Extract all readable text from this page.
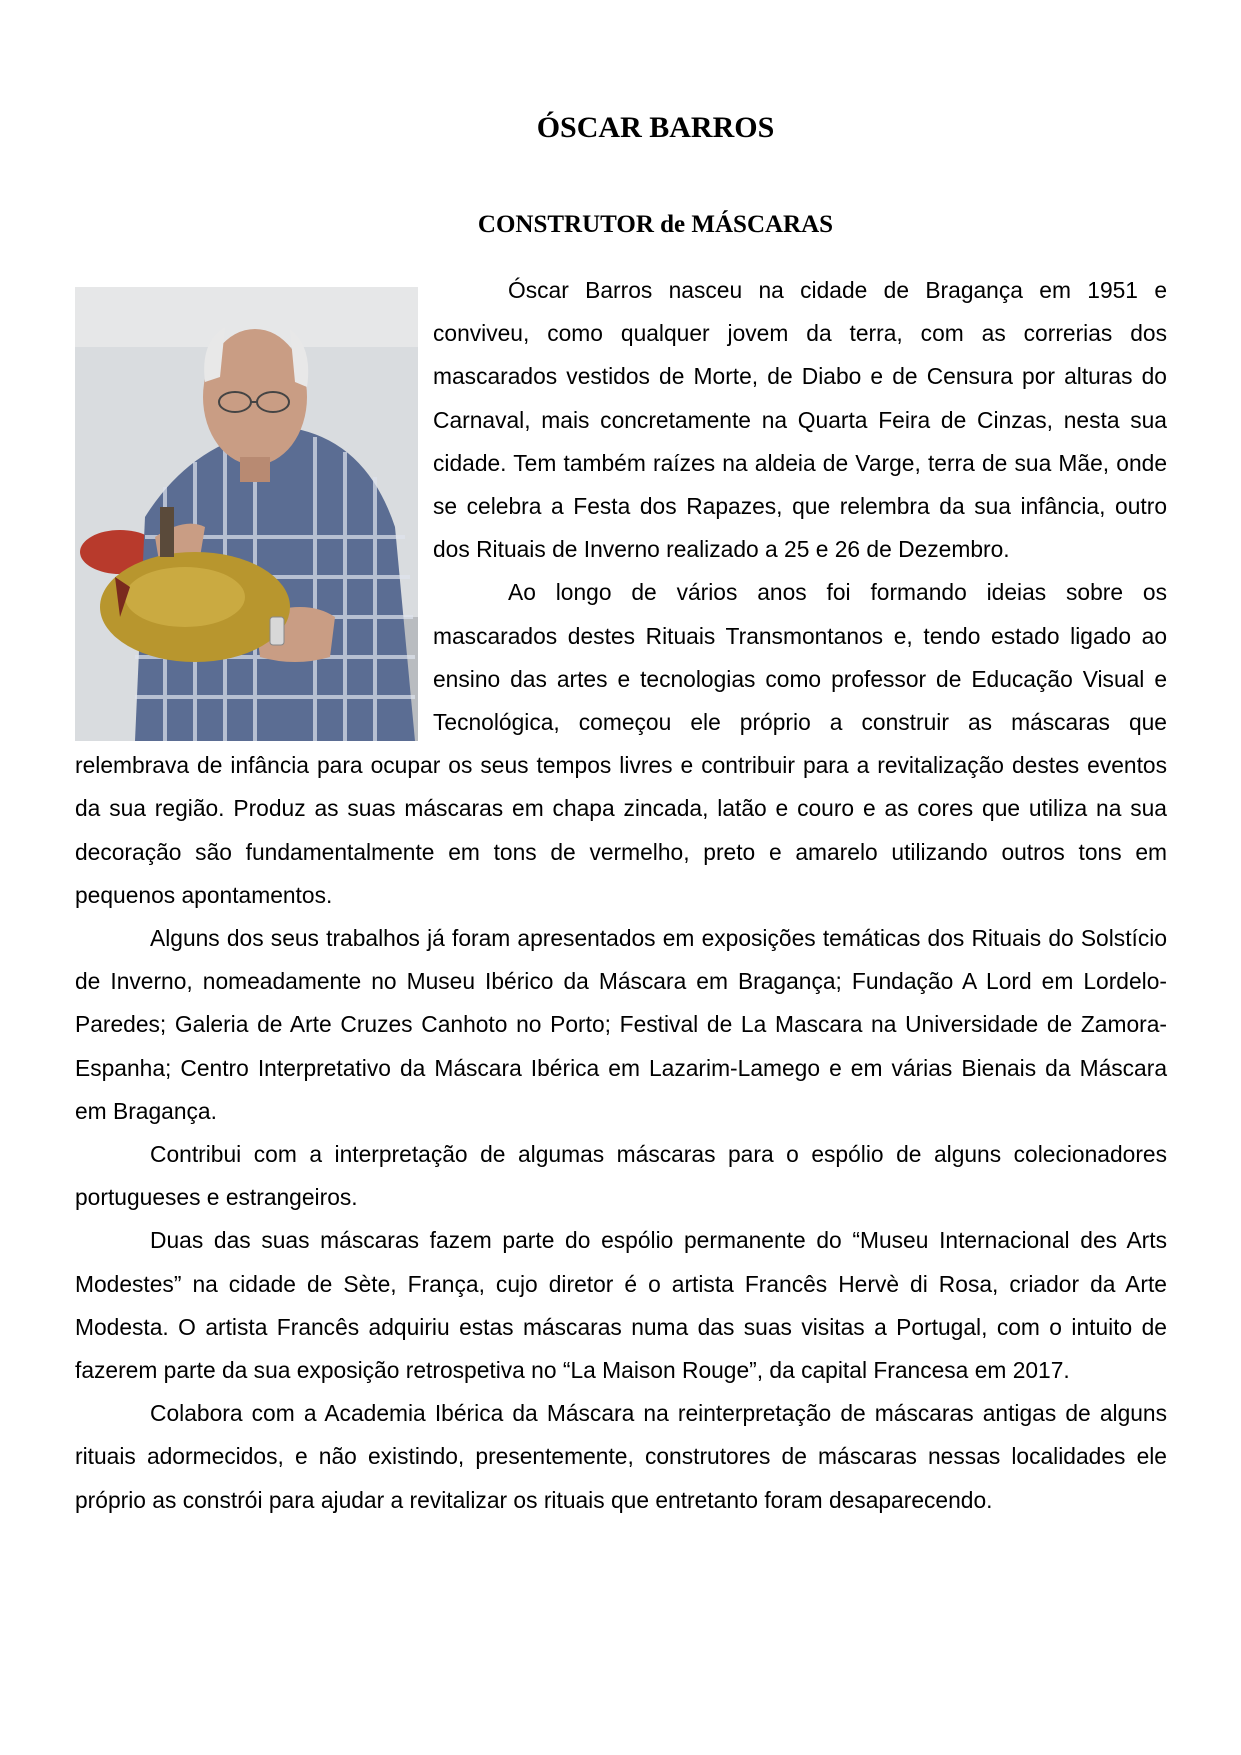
ÓSCAR BARROS
CONSTRUTOR de MÁSCARAS

Óscar Barros nasceu na cidade de Bragança em 1951 e conviveu, como qualquer jovem da terra, com as correrias dos mascarados vestidos de Morte, de Diabo e de Censura por alturas do Carnaval, mais concretamente na Quarta Feira de Cinzas, nesta sua cidade. Tem também raízes na aldeia de Varge, terra de sua Mãe, onde se celebra a Festa dos Rapazes, que relembra da sua infância, outro dos Rituais de Inverno realizado a 25 e 26 de Dezembro.

Ao longo de vários anos foi formando ideias sobre os mascarados destes Rituais Transmontanos e, tendo estado ligado ao ensino das artes e tecnologias como professor de Educação Visual e Tecnológica, começou ele próprio a construir as máscaras que relembrava de infância para ocupar os seus tempos livres e contribuir para a revitalização destes eventos da sua região. Produz as suas máscaras em chapa zincada, latão e couro e as cores que utiliza na sua decoração são fundamentalmente em tons de vermelho, preto e amarelo utilizando outros tons em pequenos apontamentos.

Alguns dos seus trabalhos já foram apresentados em exposições temáticas dos Rituais do Solstício de Inverno, nomeadamente no Museu Ibérico da Máscara em Bragança; Fundação A Lord em Lordelo-Paredes; Galeria de Arte Cruzes Canhoto no Porto; Festival de La Mascara na Universidade de Zamora-Espanha; Centro Interpretativo da Máscara Ibérica em Lazarim-Lamego e em várias Bienais da Máscara em Bragança.

Contribui com a interpretação de algumas máscaras para o espólio de alguns colecionadores portugueses e estrangeiros.

Duas das suas máscaras fazem parte do espólio permanente do “Museu Internacional des Arts Modestes” na cidade de Sète, França, cujo diretor é o artista Francês Hervè di Rosa, criador da Arte Modesta. O artista Francês adquiriu estas máscaras numa das suas visitas a Portugal, com o intuito de fazerem parte da sua exposição retrospetiva no “La Maison Rouge”, da capital Francesa em 2017.

Colabora com a Academia Ibérica da Máscara na reinterpretação de máscaras antigas de alguns rituais adormecidos, e não existindo, presentemente, construtores de máscaras nessas localidades ele próprio as constrói para ajudar a revitalizar os rituais que entretanto foram desaparecendo.
